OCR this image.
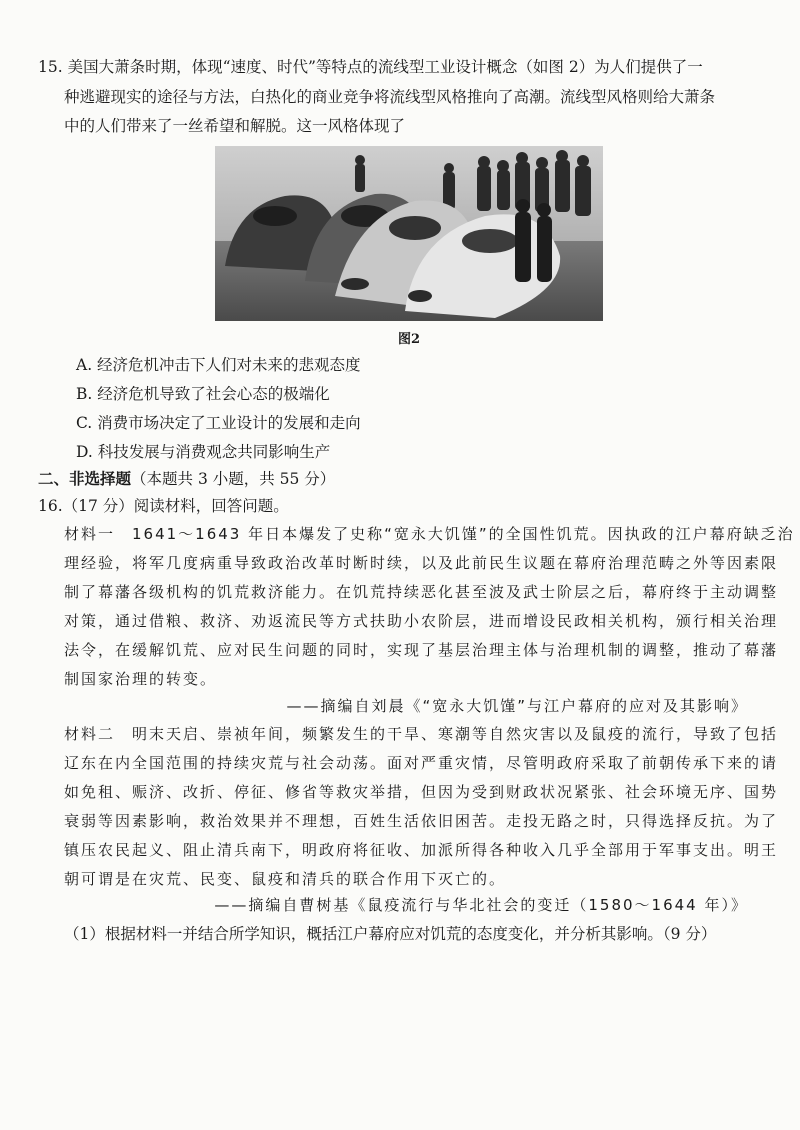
15. 美国大萧条时期，体现“速度、时代”等特点的流线型工业设计概念（如图 2）为人们提供了一
种逃避现实的途径与方法，白热化的商业竞争将流线型风格推向了高潮。流线型风格则给大萧条
中的人们带来了一丝希望和解脱。这一风格体现了
图2
A. 经济危机冲击下人们对未来的悲观态度
B. 经济危机导致了社会心态的极端化
C. 消费市场决定了工业设计的发展和走向
D. 科技发展与消费观念共同影响生产
二、非选择题（本题共 3 小题，共 55 分）
16.（17 分）阅读材料，回答问题。
材料一　1641～1643 年日本爆发了史称“宽永大饥馑”的全国性饥荒。因执政的江户幕府缺乏治
理经验，将军几度病重导致政治改革时断时续，以及此前民生议题在幕府治理范畴之外等因素限
制了幕藩各级机构的饥荒救济能力。在饥荒持续恶化甚至波及武士阶层之后，幕府终于主动调整
对策，通过借粮、救济、劝返流民等方式扶助小农阶层，进而增设民政相关机构，颁行相关治理
法令，在缓解饥荒、应对民生问题的同时，实现了基层治理主体与治理机制的调整，推动了幕藩
制国家治理的转变。
——摘编自刘晨《“宽永大饥馑”与江户幕府的应对及其影响》
材料二　明末天启、崇祯年间，频繁发生的干旱、寒潮等自然灾害以及鼠疫的流行，导致了包括
辽东在内全国范围的持续灾荒与社会动荡。面对严重灾情，尽管明政府采取了前朝传承下来的请
如免租、赈济、改折、停征、修省等救灾举措，但因为受到财政状况紧张、社会环境无序、国势
衰弱等因素影响，救治效果并不理想，百姓生活依旧困苦。走投无路之时，只得选择反抗。为了
镇压农民起义、阻止清兵南下，明政府将征收、加派所得各种收入几乎全部用于军事支出。明王
朝可谓是在灾荒、民变、鼠疫和清兵的联合作用下灭亡的。
——摘编自曹树基《鼠疫流行与华北社会的变迁（1580～1644 年）》
（1）根据材料一并结合所学知识，概括江户幕府应对饥荒的态度变化，并分析其影响。（9 分）
